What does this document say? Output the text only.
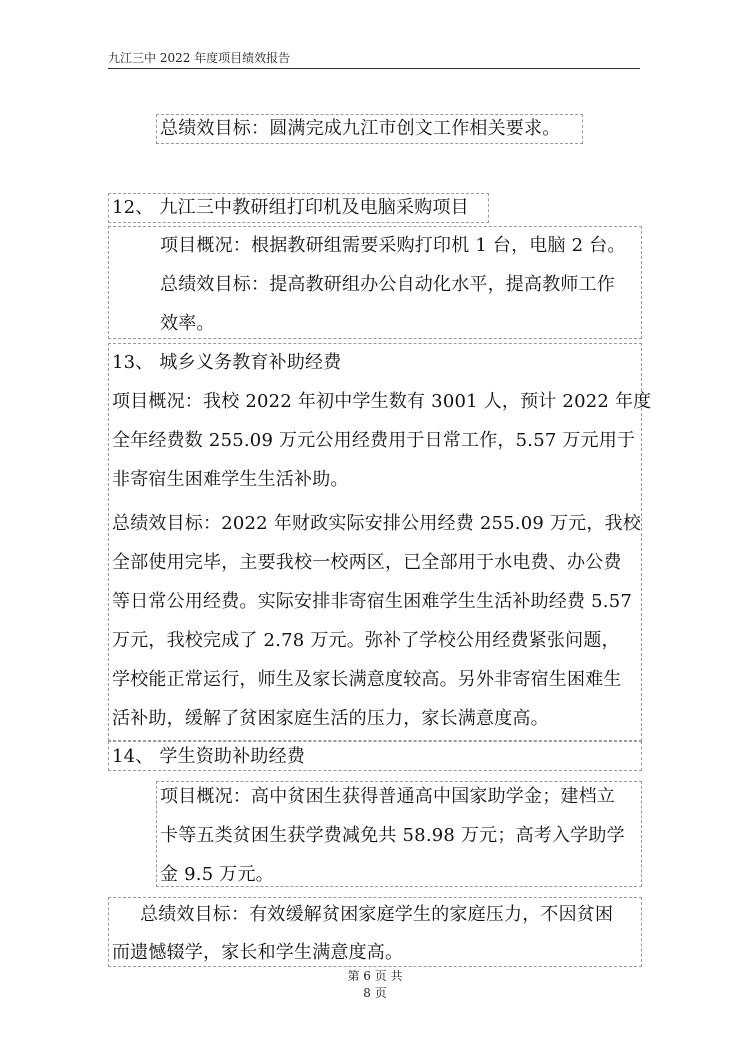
九江三中 2022 年度项目绩效报告
总绩效目标：圆满完成九江市创文工作相关要求。
12、 九江三中教研组打印机及电脑采购项目
项目概况：根据教研组需要采购打印机 1 台，电脑 2 台。
总绩效目标：提高教研组办公自动化水平，提高教师工作
效率。
13、 城乡义务教育补助经费
项目概况：我校 2022 年初中学生数有 3001 人，预计 2022 年度
全年经费数 255.09 万元公用经费用于日常工作，5.57 万元用于
非寄宿生困难学生生活补助。
总绩效目标：2022 年财政实际安排公用经费 255.09 万元，我校
全部使用完毕，主要我校一校两区，已全部用于水电费、办公费
等日常公用经费。实际安排非寄宿生困难学生生活补助经费 5.57
万元，我校完成了 2.78 万元。弥补了学校公用经费紧张问题，
学校能正常运行，师生及家长满意度较高。另外非寄宿生困难生
活补助，缓解了贫困家庭生活的压力，家长满意度高。
14、 学生资助补助经费
项目概况：高中贫困生获得普通高中国家助学金；建档立
卡等五类贫困生获学费减免共 58.98 万元；高考入学助学
金 9.5 万元。
总绩效目标：有效缓解贫困家庭学生的家庭压力，不因贫困
而遗憾辍学，家长和学生满意度高。
第 6 页 共
8 页
